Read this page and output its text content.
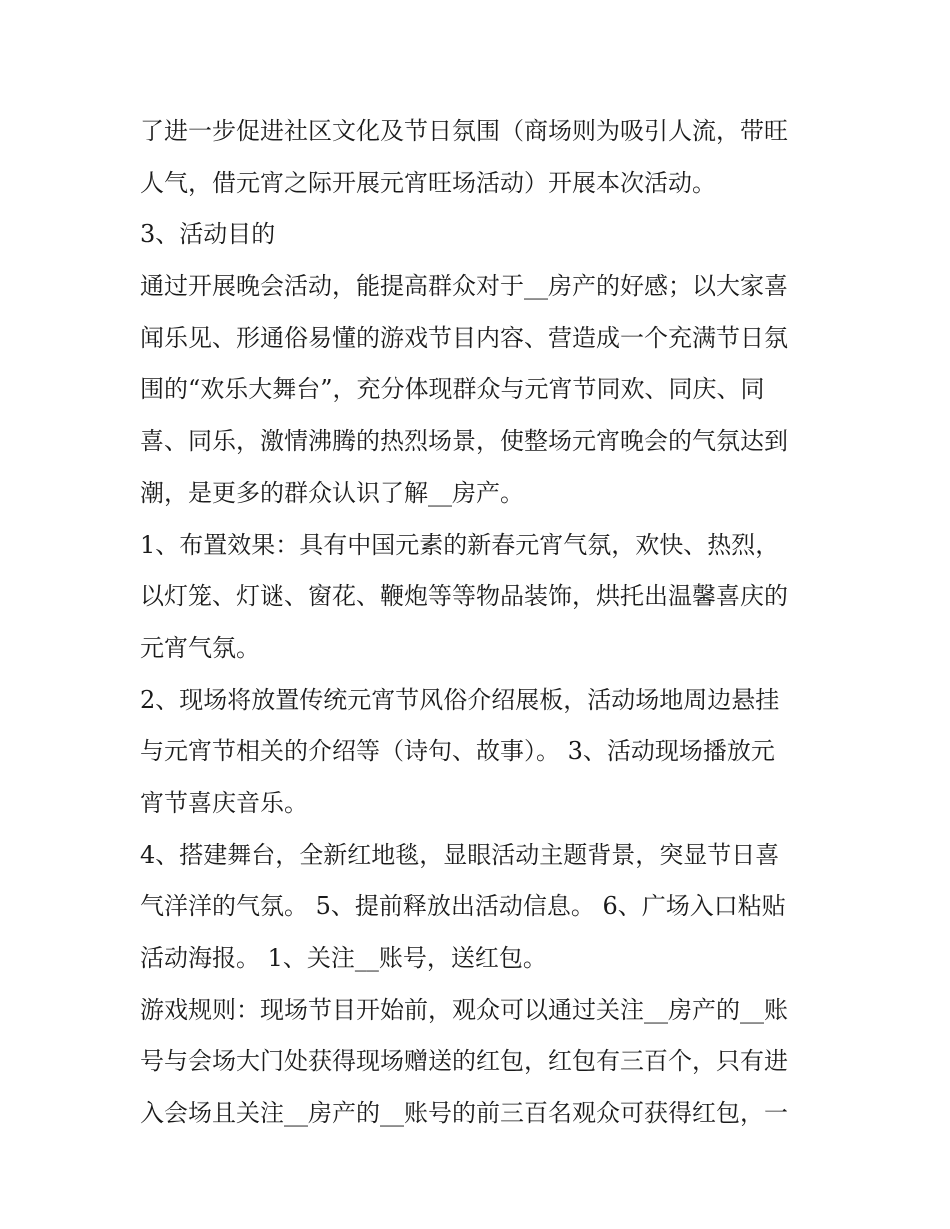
了进一步促进社区文化及节日氛围（商场则为吸引人流，带旺
人气，借元宵之际开展元宵旺场活动）开展本次活动。
3、活动目的
通过开展晚会活动，能提高群众对于__房产的好感；以大家喜
闻乐见、形通俗易懂的游戏节目内容、营造成一个充满节日氛
围的“欢乐大舞台”，充分体现群众与元宵节同欢、同庆、同
喜、同乐，激情沸腾的热烈场景，使整场元宵晚会的气氛达到
潮，是更多的群众认识了解__房产。
1、布置效果：具有中国元素的新春元宵气氛，欢快、热烈，
以灯笼、灯谜、窗花、鞭炮等等物品装饰，烘托出温馨喜庆的
元宵气氛。
2、现场将放置传统元宵节风俗介绍展板，活动场地周边悬挂
与元宵节相关的介绍等（诗句、故事）。 3、活动现场播放元
宵节喜庆音乐。
4、搭建舞台，全新红地毯，显眼活动主题背景，突显节日喜
气洋洋的气氛。 5、提前释放出活动信息。 6、广场入口粘贴
活动海报。 1、关注__账号，送红包。
游戏规则：现场节目开始前，观众可以通过关注__房产的__账
号与会场大门处获得现场赠送的红包，红包有三百个，只有进
入会场且关注__房产的__账号的前三百名观众可获得红包，一
